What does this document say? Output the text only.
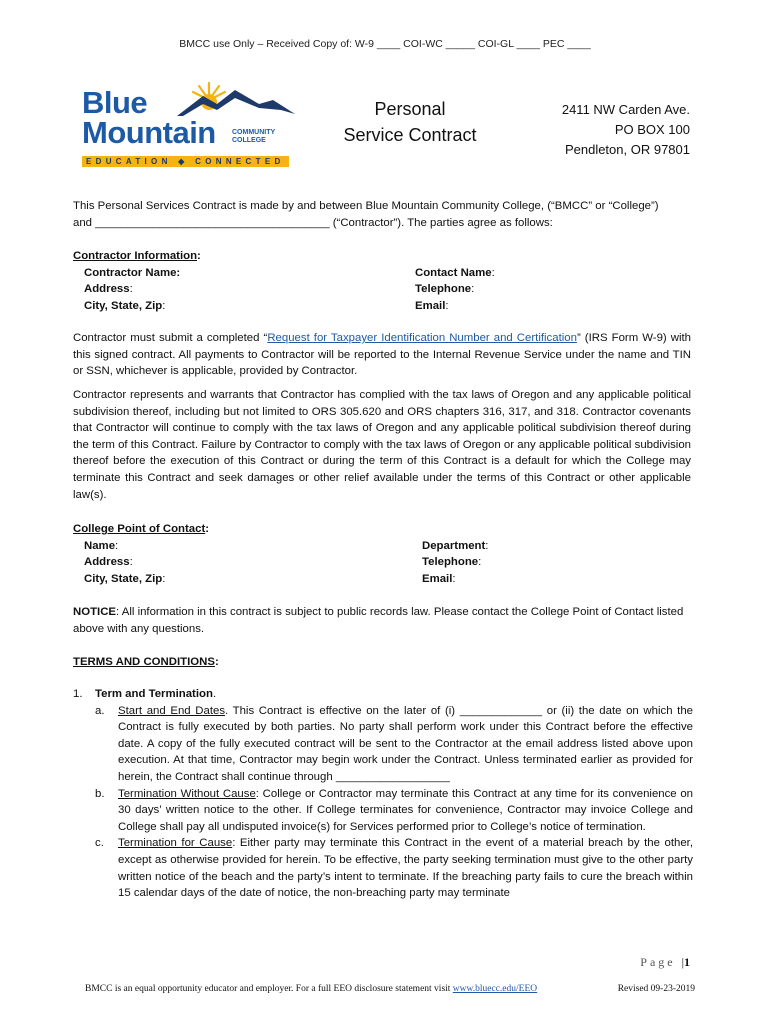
BMCC use Only – Received Copy of: W-9 ____ COI-WC _____ COI-GL ____ PEC ____
Blue
Mountain COMMUNITY
COLLEGE
EDUCATION ◆ CONNECTED
Personal
Service Contract
2411 NW Carden Ave.
PO BOX 100
Pendleton, OR 97801
This Personal Services Contract is made by and between Blue Mountain Community College, (“BMCC” or “College”)
and _____________________________________ (“Contractor”). The parties agree as follows:
Contractor Information:
Contractor Name:
Address:
City, State, Zip:
Contact Name:
Telephone:
Email:
Contractor must submit a completed “Request for Taxpayer Identification Number and Certification” (IRS Form W-9) with this signed contract. All payments to Contractor will be reported to the Internal Revenue Service under the name and TIN or SSN, whichever is applicable, provided by Contractor.
Contractor represents and warrants that Contractor has complied with the tax laws of Oregon and any applicable political subdivision thereof, including but not limited to ORS 305.620 and ORS chapters 316, 317, and 318. Contractor covenants that Contractor will continue to comply with the tax laws of Oregon and any applicable political subdivision thereof during the term of this Contract. Failure by Contractor to comply with the tax laws of Oregon or any applicable political subdivision thereof before the execution of this Contract or during the term of this Contract is a default for which the College may terminate this Contract and seek damages or other relief available under the terms of this Contract or other applicable law(s).
College Point of Contact:
Name:
Address:
City, State, Zip:
Department:
Telephone:
Email:
NOTICE: All information in this contract is subject to public records law. Please contact the College Point of Contact listed above with any questions.
TERMS AND CONDITIONS:
1. Term and Termination.
a. Start and End Dates. This Contract is effective on the later of (i) _____________ or (ii) the date on which the Contract is fully executed by both parties. No party shall perform work under this Contract before the effective date. A copy of the fully executed contract will be sent to the Contractor at the email address listed above upon execution. At that time, Contractor may begin work under the Contract. Unless terminated earlier as provided for herein, the Contract shall continue through __________________
b. Termination Without Cause: College or Contractor may terminate this Contract at any time for its convenience on 30 days’ written notice to the other. If College terminates for convenience, Contractor may invoice College and College shall pay all undisputed invoice(s) for Services performed prior to College’s notice of termination.
c. Termination for Cause: Either party may terminate this Contract in the event of a material breach by the other, except as otherwise provided for herein. To be effective, the party seeking termination must give to the other party written notice of the beach and the party’s intent to terminate. If the breaching party fails to cure the breach within 15 calendar days of the date of notice, the non-breaching party may terminate
Page |1
BMCC is an equal opportunity educator and employer. For a full EEO disclosure statement visit www.bluecc.edu/EEO	Revised 09-23-2019
